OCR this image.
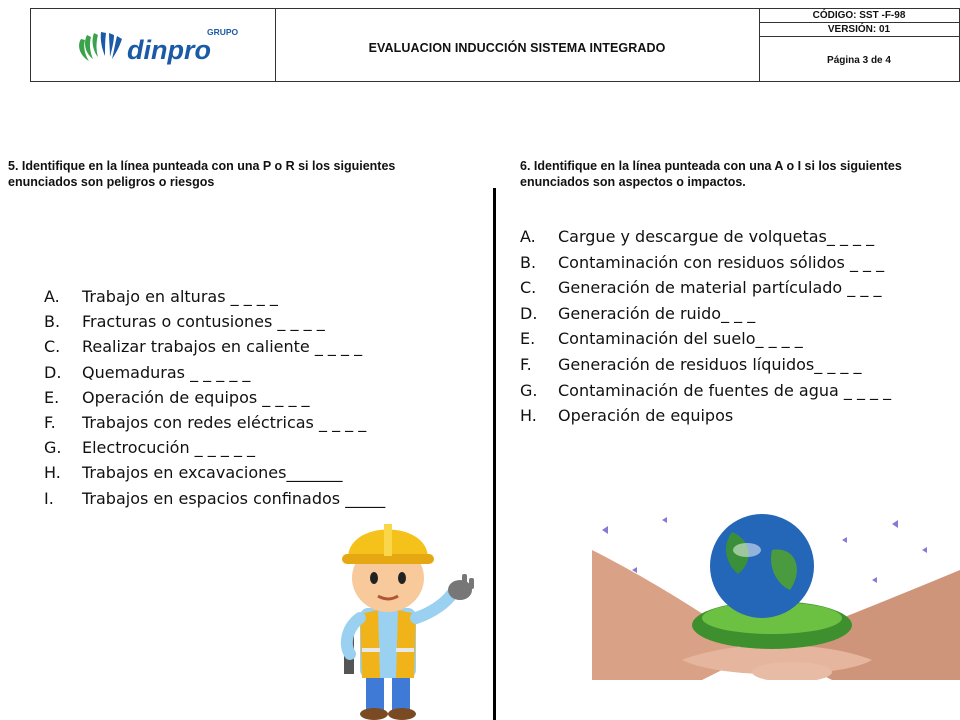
GRUPO
dinpro	EVALUACION INDUCCIÓN SISTEMA INTEGRADO
CÓDIGO: SST -F-98
VERSIÓN: 01
Página 3 de 4
5. Identifique en la línea punteada con una P o R si los siguientes enunciados son peligros o riesgos
A.	Trabajo en alturas _ _ _ _
B.	Fracturas o contusiones _ _ _ _
C.	Realizar trabajos en caliente _ _ _ _
D.	Quemaduras _ _ _ _ _
E.	Operación de equipos _ _ _ _
F.	Trabajos con redes eléctricas _ _ _ _
G.	Electrocución _ _ _ _ _
H.	Trabajos en excavaciones_______
I.	Trabajos en espacios confinados _____
6. Identifique en la línea punteada con una A o I si los siguientes enunciados son aspectos o impactos.
A.	Cargue y descargue de volquetas_ _ _ _
B.	Contaminación con residuos sólidos _ _ _
C.	Generación de material partículado _ _ _
D.	Generación de ruido_ _ _
E.	Contaminación del suelo_ _ _ _
F.	Generación de residuos líquidos_ _ _ _
G.	Contaminación de fuentes de agua _ _ _ _
H.	Operación de equipos
